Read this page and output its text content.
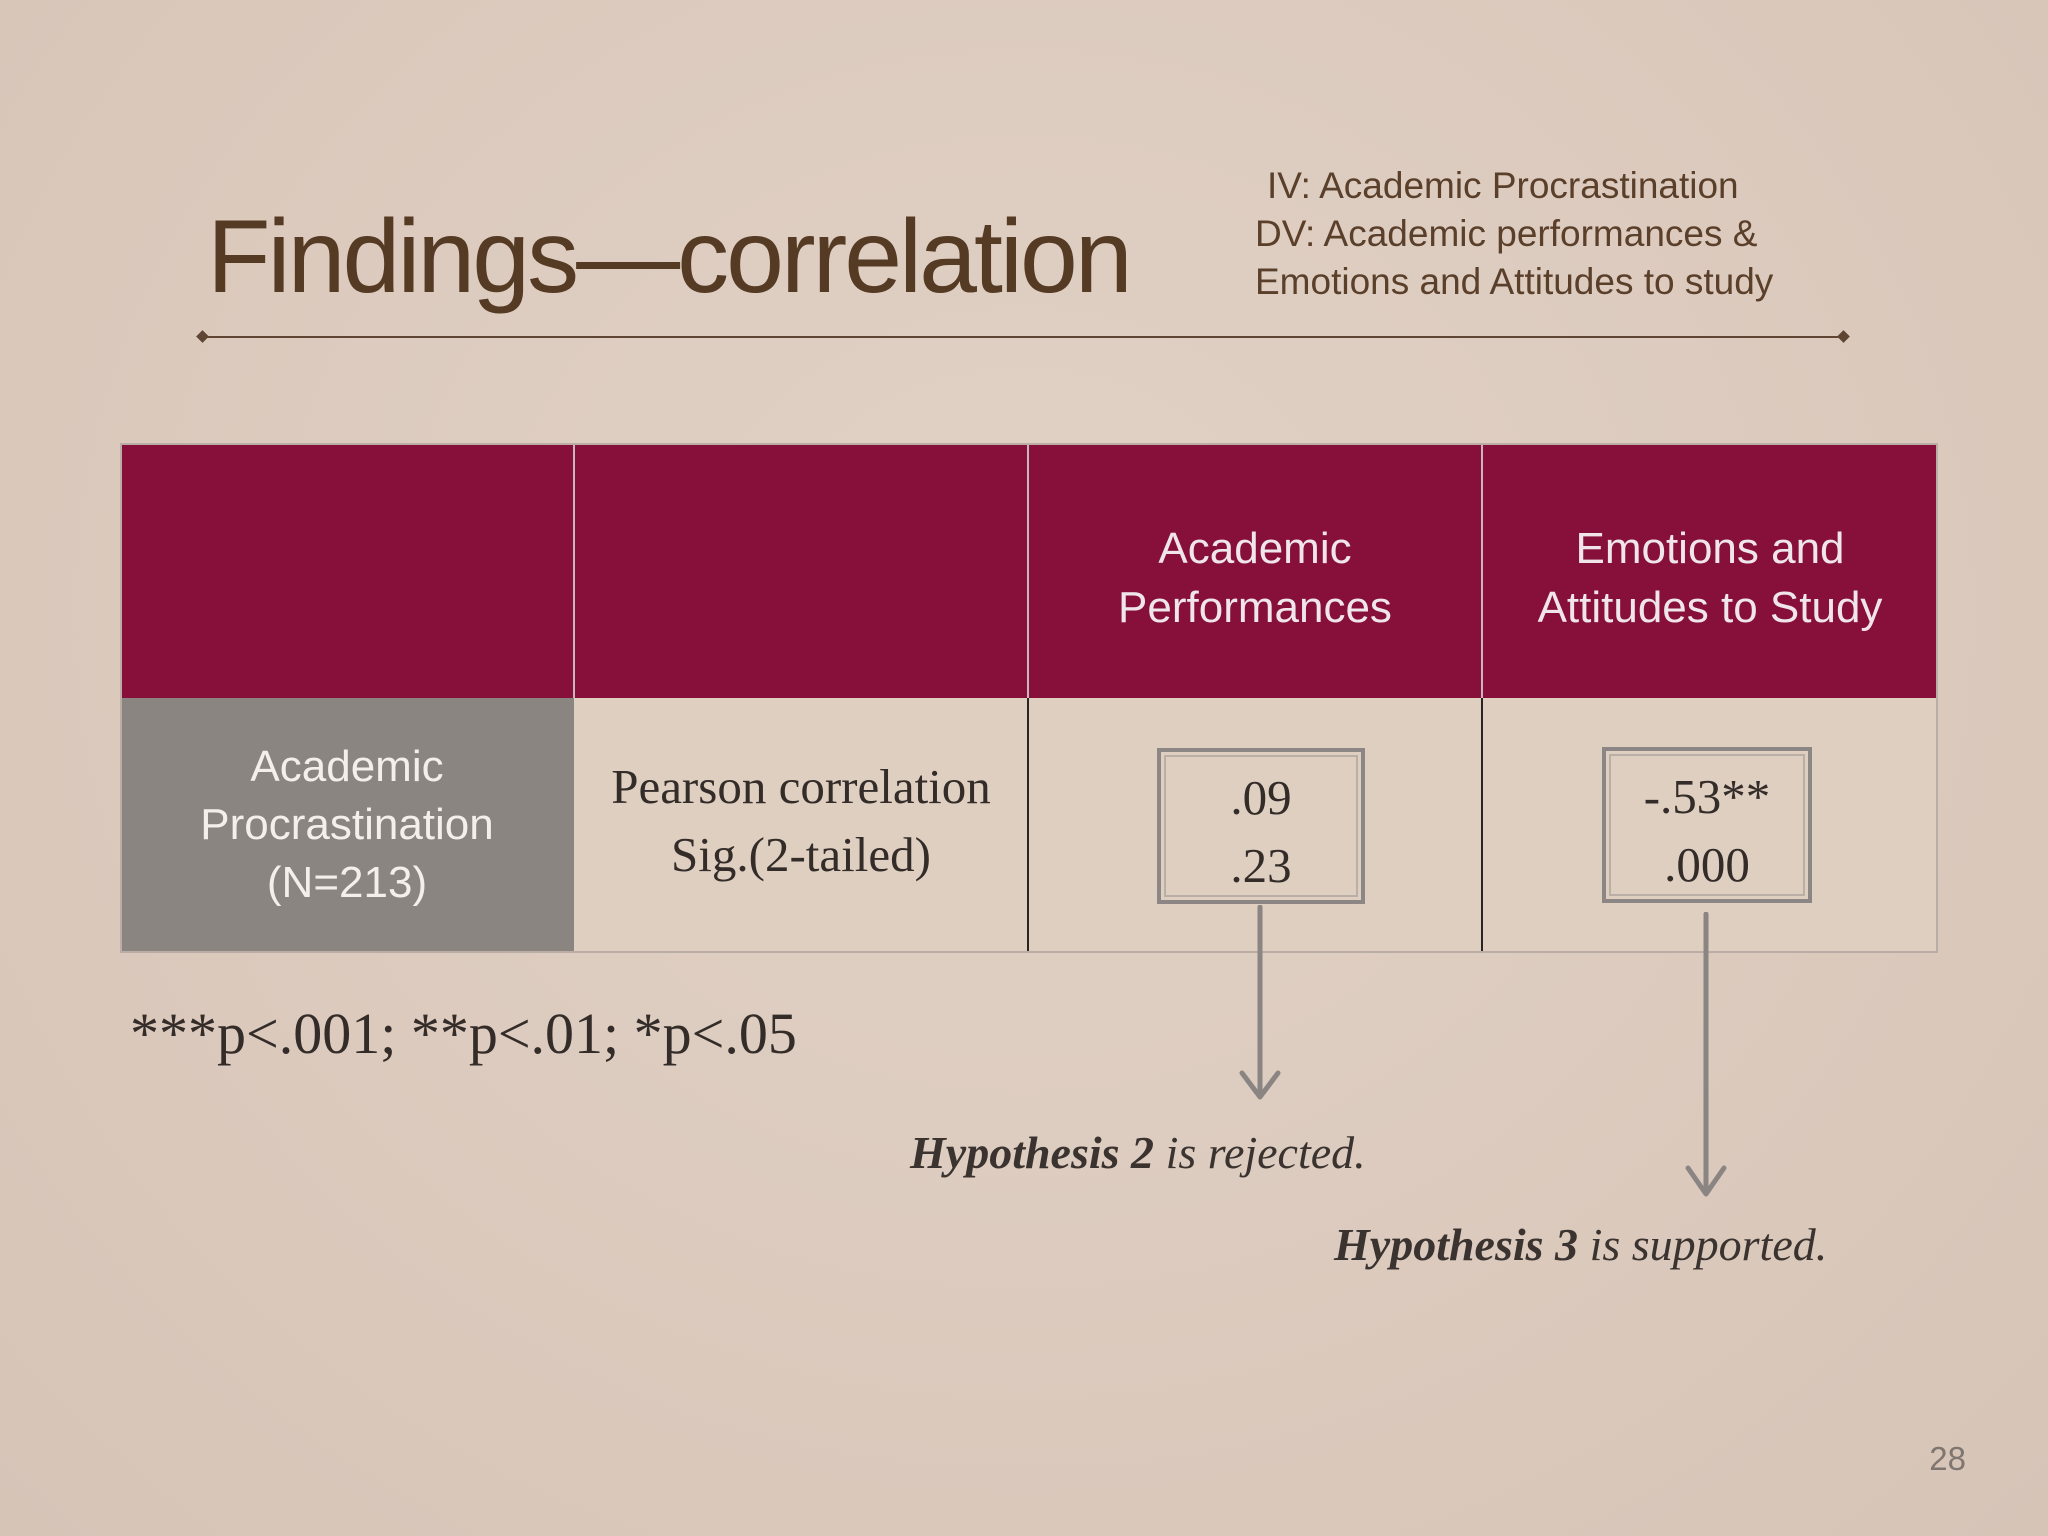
Findings—correlation
IV: Academic Procrastination
DV: Academic performances &
Emotions and Attitudes to study
Academic
Performances
Emotions and
Attitudes to Study
Academic
Procrastination
(N=213)
Pearson correlation
Sig.(2-tailed)
.09
.23
-.53**
.000
***p<.001; **p<.01; *p<.05
Hypothesis 2 is rejected.
Hypothesis 3 is supported.
28
